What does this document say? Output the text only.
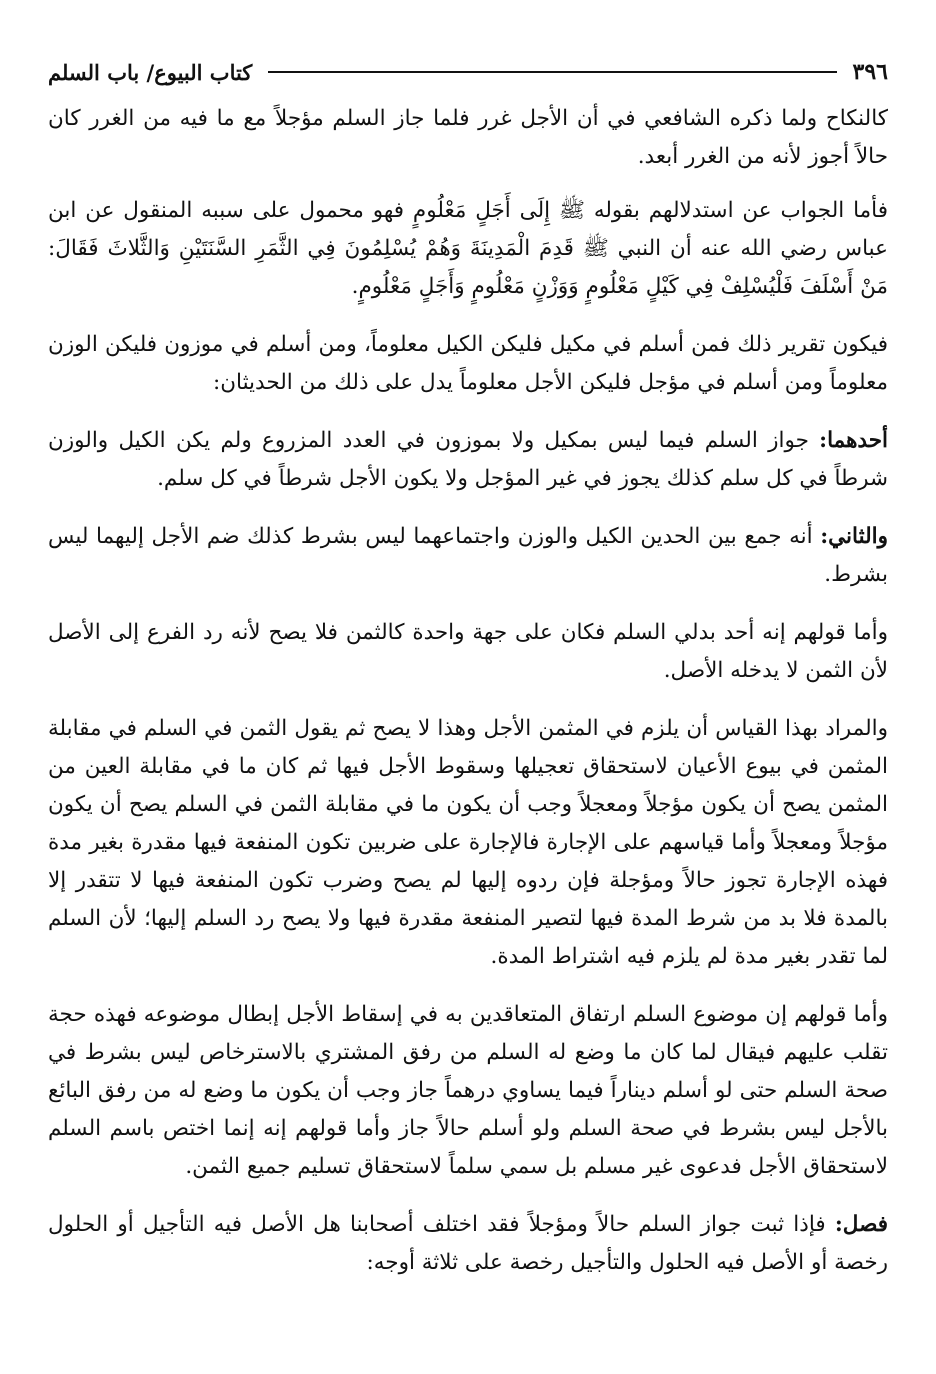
٣٩٦
كتاب البيوع/ باب السلم

كالنكاح ولما ذكره الشافعي في أن الأجل غرر فلما جاز السلم مؤجلاً مع ما فيه من الغرر كان حالاً أجوز لأنه من الغرر أبعد.

فأما الجواب عن استدلالهم بقوله ﷺ إِلَى أَجَلٍ مَعْلُومٍ فهو محمول على سببه المنقول عن ابن عباس رضي الله عنه أن النبي ﷺ قَدِمَ الْمَدِينَةَ وَهُمْ يُسْلِمُونَ فِي الثَّمَرِ السَّنَتَيْنِ وَالثَّلاثَ فَقَالَ: مَنْ أَسْلَفَ فَلْيُسْلِفْ فِي كَيْلٍ مَعْلُومٍ وَوَزْنٍ مَعْلُومٍ وَأَجَلٍ مَعْلُومٍ.

فيكون تقرير ذلك فمن أسلم في مكيل فليكن الكيل معلوماً، ومن أسلم في موزون فليكن الوزن معلوماً ومن أسلم في مؤجل فليكن الأجل معلوماً يدل على ذلك من الحديثان:

أحدهما: جواز السلم فيما ليس بمكيل ولا بموزون في العدد المزروع ولم يكن الكيل والوزن شرطاً في كل سلم كذلك يجوز في غير المؤجل ولا يكون الأجل شرطاً في كل سلم.

والثاني: أنه جمع بين الحدين الكيل والوزن واجتماعهما ليس بشرط كذلك ضم الأجل إليهما ليس بشرط.

وأما قولهم إنه أحد بدلي السلم فكان على جهة واحدة كالثمن فلا يصح لأنه رد الفرع إلى الأصل لأن الثمن لا يدخله الأصل.

والمراد بهذا القياس أن يلزم في المثمن الأجل وهذا لا يصح ثم يقول الثمن في السلم في مقابلة المثمن في بيوع الأعيان لاستحقاق تعجيلها وسقوط الأجل فيها ثم كان ما في مقابلة العين من المثمن يصح أن يكون مؤجلاً ومعجلاً وجب أن يكون ما في مقابلة الثمن في السلم يصح أن يكون مؤجلاً ومعجلاً وأما قياسهم على الإجارة فالإجارة على ضربين تكون المنفعة فيها مقدرة بغير مدة فهذه الإجارة تجوز حالاً ومؤجلة فإن ردوه إليها لم يصح وضرب تكون المنفعة فيها لا تتقدر إلا بالمدة فلا بد من شرط المدة فيها لتصير المنفعة مقدرة فيها ولا يصح رد السلم إليها؛ لأن السلم لما تقدر بغير مدة لم يلزم فيه اشتراط المدة.

وأما قولهم إن موضوع السلم ارتفاق المتعاقدين به في إسقاط الأجل إبطال موضوعه فهذه حجة تقلب عليهم فيقال لما كان ما وضع له السلم من رفق المشتري بالاسترخاص ليس بشرط في صحة السلم حتى لو أسلم ديناراً فيما يساوي درهماً جاز وجب أن يكون ما وضع له من رفق البائع بالأجل ليس بشرط في صحة السلم ولو أسلم حالاً جاز وأما قولهم إنه إنما اختص باسم السلم لاستحقاق الأجل فدعوى غير مسلم بل سمي سلماً لاستحقاق تسليم جميع الثمن.

فصل: فإذا ثبت جواز السلم حالاً ومؤجلاً فقد اختلف أصحابنا هل الأصل فيه التأجيل أو الحلول رخصة أو الأصل فيه الحلول والتأجيل رخصة على ثلاثة أوجه:
